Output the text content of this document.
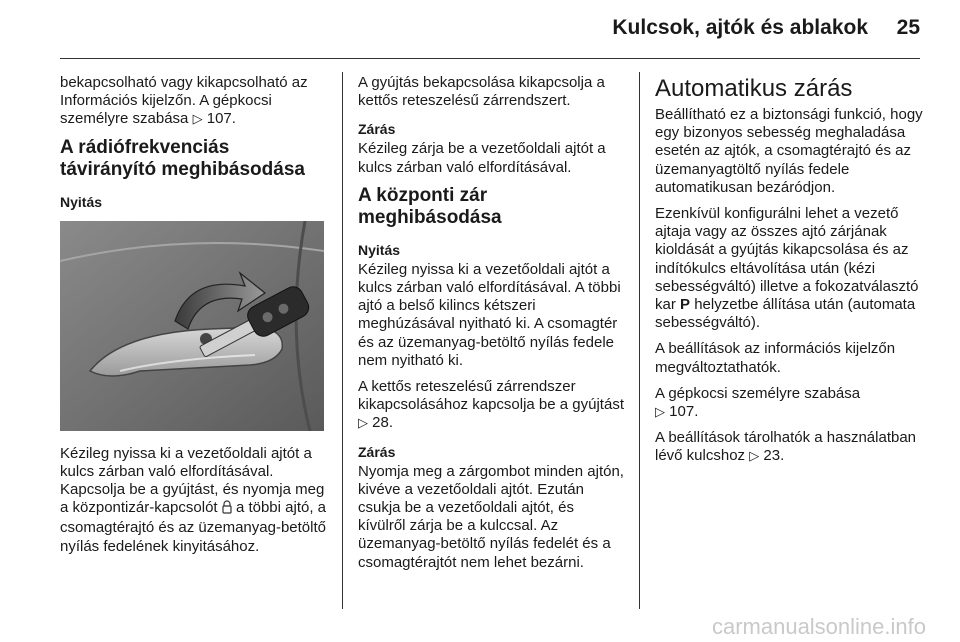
Kulcsok, ajtók és ablakok 25

bekapcsolható vagy kikapcsolható az Információs kijelzőn. A gépkocsi személyre szabása ▷ 107.

A rádiófrekvenciás távirányító meghibásodása
Nyitás

Kézileg nyissa ki a vezetőoldali ajtót a kulcs zárban való elfordításával. Kapcsolja be a gyújtást, és nyomja meg a központizár-kapcsolót a többi ajtó, a csomagtérajtó és az üzemanyag-betöltő nyílás fedelének kinyitásához.

A gyújtás bekapcsolása kikapcsolja a kettős reteszelésű zárrendszert.

Zárás

Kézileg zárja be a vezetőoldali ajtót a kulcs zárban való elfordításával.

A központi zár meghibásodása
Nyitás

Kézileg nyissa ki a vezetőoldali ajtót a kulcs zárban való elfordításával. A többi ajtó a belső kilincs kétszeri meghúzásával nyitható ki. A csomagtér és az üzemanyag-betöltő nyílás fedele nem nyitható ki.

A kettős reteszelésű zárrendszer kikapcsolásához kapcsolja be a gyújtást ▷ 28.

Zárás

Nyomja meg a zárgombot minden ajtón, kivéve a vezetőoldali ajtót. Ezután csukja be a vezetőoldali ajtót, és kívülről zárja be a kulccsal. Az üzemanyag-betöltő nyílás fedelét és a csomagtérajtót nem lehet bezárni.

Automatikus zárás

Beállítható ez a biztonsági funkció, hogy egy bizonyos sebesség meghaladása esetén az ajtók, a csomagtérajtó és az üzemanyagtöltő nyílás fedele automatikusan bezáródjon.

Ezenkívül konfigurálni lehet a vezető ajtaja vagy az összes ajtó zárjának kioldását a gyújtás kikapcsolása és az indítókulcs eltávolítása után (kézi sebességváltó) illetve a fokozatválasztó kar P helyzetbe állítása után (automata sebességváltó).

A beállítások az információs kijelzőn megváltoztathatók.

A gépkocsi személyre szabása
▷ 107.

A beállítások tárolhatók a használatban lévő kulcshoz ▷ 23.

carmanualsonline.info
